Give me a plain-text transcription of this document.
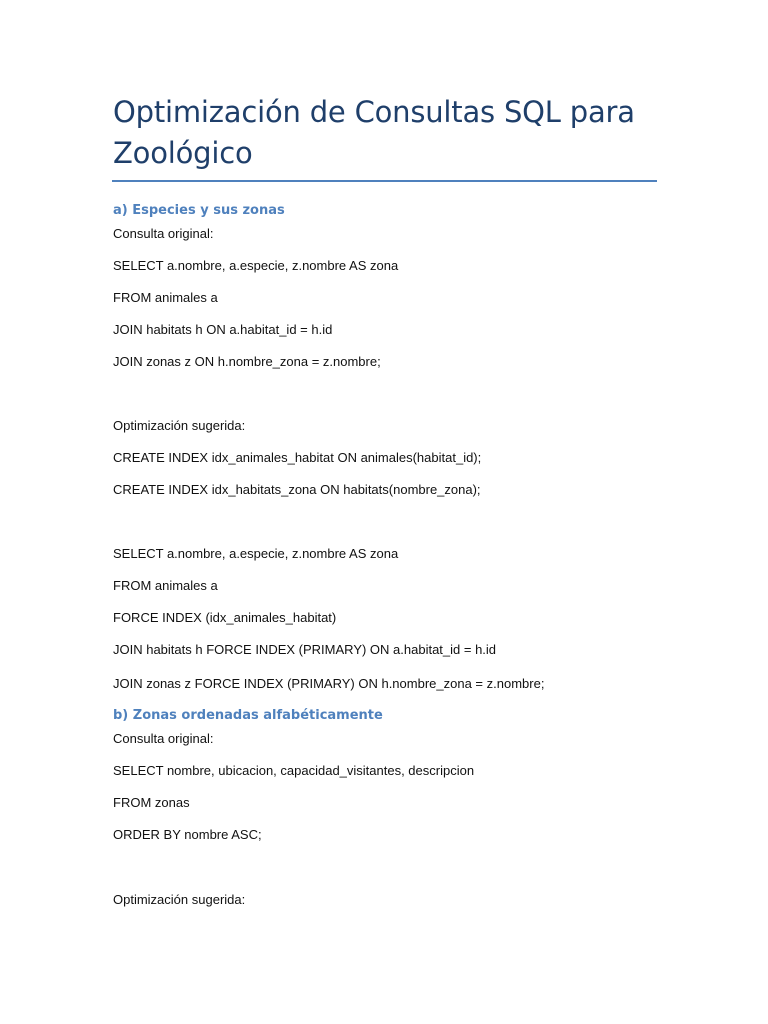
Optimización de Consultas SQL para Zoológico
a) Especies y sus zonas

Consulta original:

SELECT a.nombre, a.especie, z.nombre AS zona

FROM animales a

JOIN habitats h ON a.habitat_id = h.id

JOIN zonas z ON h.nombre_zona = z.nombre;

Optimización sugerida:

CREATE INDEX idx_animales_habitat ON animales(habitat_id);

CREATE INDEX idx_habitats_zona ON habitats(nombre_zona);

SELECT a.nombre, a.especie, z.nombre AS zona

FROM animales a

FORCE INDEX (idx_animales_habitat)

JOIN habitats h FORCE INDEX (PRIMARY) ON a.habitat_id = h.id

JOIN zonas z FORCE INDEX (PRIMARY) ON h.nombre_zona = z.nombre;

b) Zonas ordenadas alfabéticamente

Consulta original:

SELECT nombre, ubicacion, capacidad_visitantes, descripcion

FROM zonas

ORDER BY nombre ASC;

Optimización sugerida:
